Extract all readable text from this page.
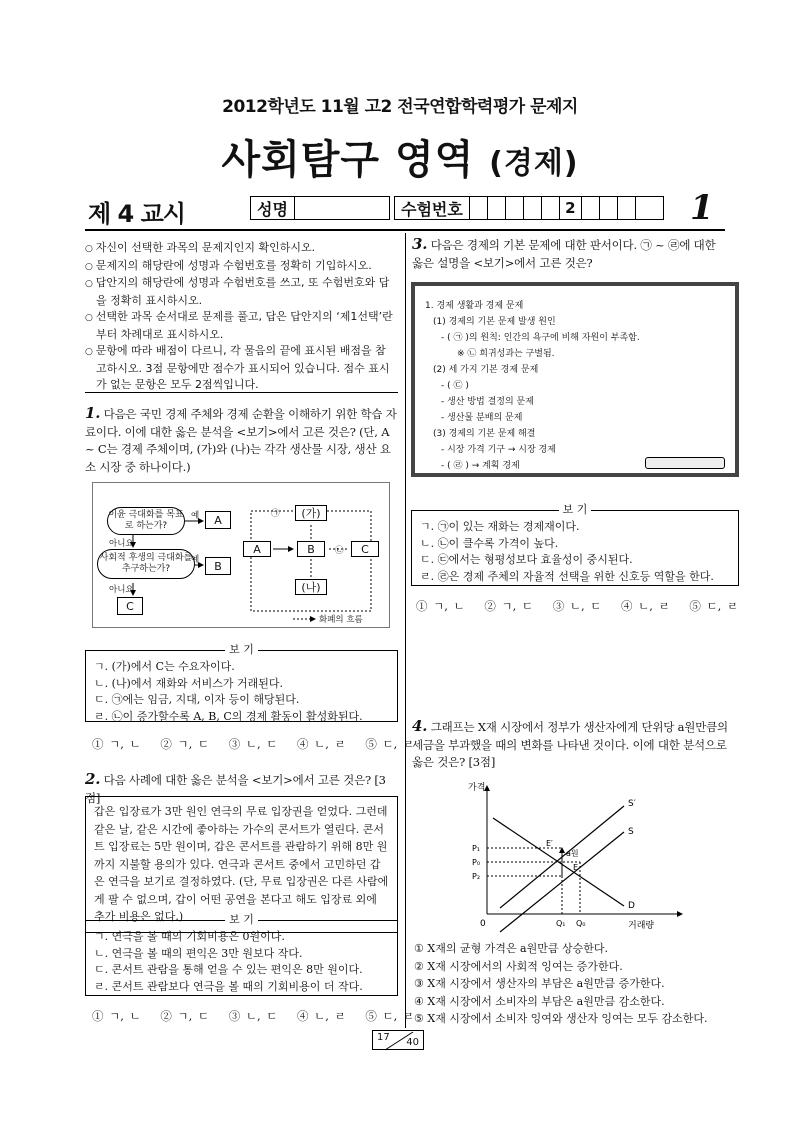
2012학년도 11월 고2 전국연합학력평가 문제지
사회탐구 영역 (경제)
제 4 교시	성명	수험번호	2	1
○ 자신이 선택한 과목의 문제지인지 확인하시오.
○ 문제지의 해당란에 성명과 수험번호를 정확히 기입하시오.
○ 답안지의 해당란에 성명과 수험번호를 쓰고, 또 수험번호와 답을 정확히 표시하시오.
○ 선택한 과목 순서대로 문제를 풀고, 답은 답안지의 ‘제1선택’란부터 차례대로 표시하시오.
○ 문항에 따라 배점이 다르니, 각 물음의 끝에 표시된 배점을 참고하시오. 3점 문항에만 점수가 표시되어 있습니다. 점수 표시가 없는 문항은 모두 2점씩입니다.
1. 다음은 국민 경제 주체와 경제 순환을 이해하기 위한 학습 자료이다. 이에 대한 옳은 분석을 <보기>에서 고른 것은? (단, A ~ C는 경제 주체이며, (가)와 (나)는 각각 생산물 시장, 생산 요소 시장 중 하나이다.)
이윤 극대화를 목표로 하는가?
예	A
아니요
사회적 후생의 극대화를 추구하는가?
예	B
아니요
C
A	B	C
(가)
(나)
㉠
㉡
화폐의 흐름
보 기
ㄱ. (가)에서 C는 수요자이다.
ㄴ. (나)에서 재화와 서비스가 거래된다.
ㄷ. ㉠에는 임금, 지대, 이자 등이 해당된다.
ㄹ. ㉡이 증가할수록 A, B, C의 경제 활동이 활성화된다.
① ㄱ, ㄴ ② ㄱ, ㄷ ③ ㄴ, ㄷ ④ ㄴ, ㄹ ⑤ ㄷ, ㄹ
2. 다음 사례에 대한 옳은 분석을 <보기>에서 고른 것은? [3점]
갑은 입장료가 3만 원인 연극의 무료 입장권을 얻었다. 그런데 같은 날, 같은 시간에 좋아하는 가수의 콘서트가 열린다. 콘서트 입장료는 5만 원이며, 갑은 콘서트를 관람하기 위해 8만 원까지 지불할 용의가 있다. 연극과 콘서트 중에서 고민하던 갑은 연극을 보기로 결정하였다. (단, 무료 입장권은 다른 사람에게 팔 수 없으며, 갑이 어떤 공연을 본다고 해도 입장료 외에 추가 비용은 없다.)	보 기
ㄱ. 연극을 볼 때의 기회비용은 0원이다.
ㄴ. 연극을 볼 때의 편익은 3만 원보다 작다.
ㄷ. 콘서트 관람을 통해 얻을 수 있는 편익은 8만 원이다.
ㄹ. 콘서트 관람보다 연극을 볼 때의 기회비용이 더 작다.
① ㄱ, ㄴ ② ㄱ, ㄷ ③ ㄴ, ㄷ ④ ㄴ, ㄹ ⑤ ㄷ, ㄹ
3. 다음은 경제의 기본 문제에 대한 판서이다. ㉠ ~ ㉣에 대한 옳은 설명을 <보기>에서 고른 것은?
1. 경제 생활과 경제 문제
(1) 경제의 기본 문제 발생 원인
- ( ㉠ )의 원칙: 인간의 욕구에 비해 자원이 부족함.
※ ㉡ 희귀성과는 구별됨.
(2) 세 가지 기본 경제 문제
- ( ㉢ )
- 생산 방법 결정의 문제
- 생산물 분배의 문제
(3) 경제의 기본 문제 해결
- 시장 가격 기구 → 시장 경제
- ( ㉣ ) → 계획 경제
보 기
ㄱ. ㉠이 있는 재화는 경제재이다.
ㄴ. ㉡이 클수록 가격이 높다.
ㄷ. ㉢에서는 형평성보다 효율성이 중시된다.
ㄹ. ㉣은 경제 주체의 자율적 선택을 위한 신호등 역할을 한다.
① ㄱ, ㄴ ② ㄱ, ㄷ ③ ㄴ, ㄷ ④ ㄴ, ㄹ ⑤ ㄷ, ㄹ
4. 그래프는 X재 시장에서 정부가 생산자에게 단위당 a원만큼의 세금을 부과했을 때의 변화를 나타낸 것이다. 이에 대한 분석으로 옳은 것은? [3점]
가격
거래량
0
S′
S
D
E′
E
a원
P₁
P₀
P₂
Q₁ Q₀
① X재의 균형 가격은 a원만큼 상승한다.
② X재 시장에서의 사회적 잉여는 증가한다.
③ X재 시장에서 생산자의 부담은 a원만큼 증가한다.
④ X재 시장에서 소비자의 부담은 a원만큼 감소한다.
⑤ X재 시장에서 소비자 잉여와 생산자 잉여는 모두 감소한다.
17 40
